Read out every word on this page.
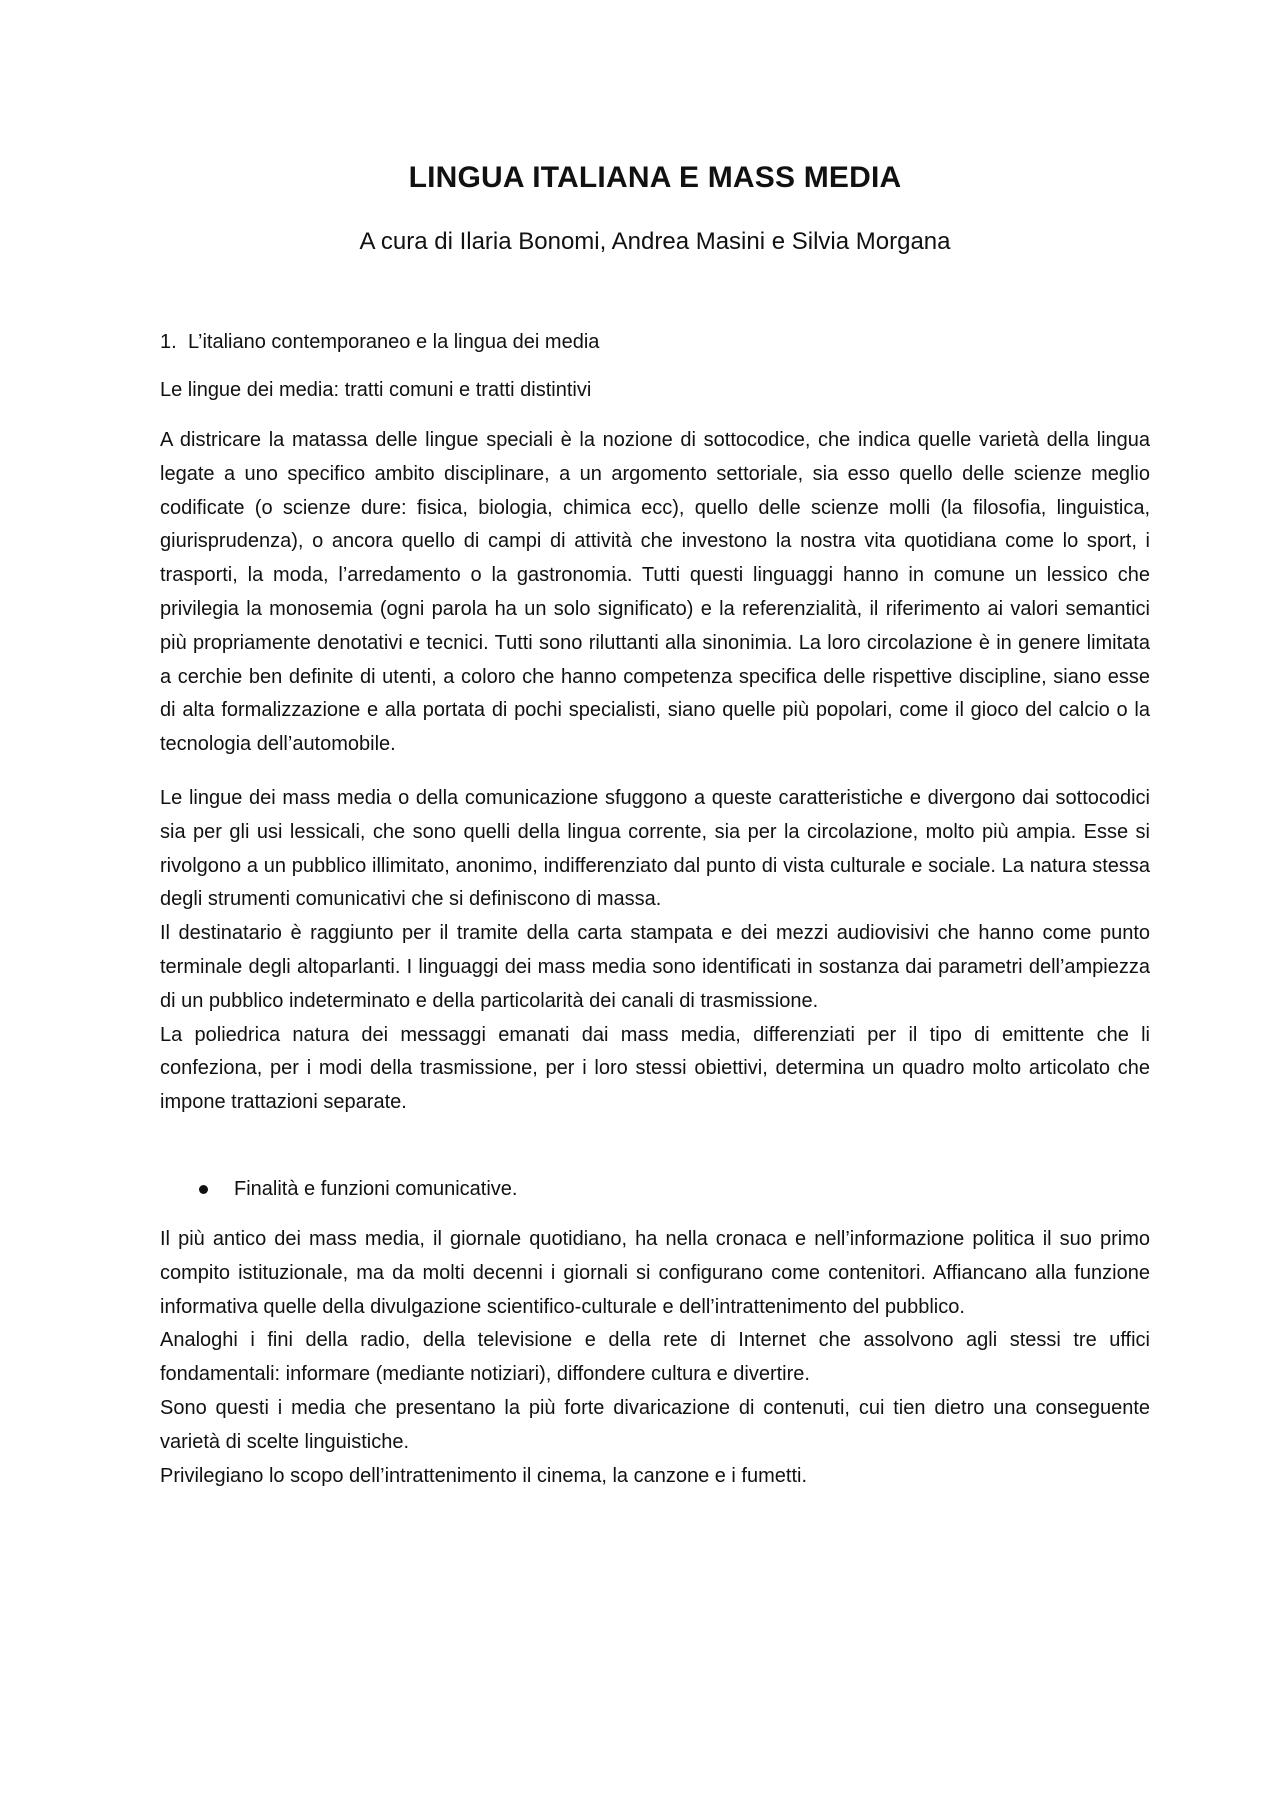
LINGUA ITALIANA E MASS MEDIA
A cura di Ilaria Bonomi, Andrea Masini e Silvia Morgana
1. L’italiano contemporaneo e la lingua dei media
Le lingue dei media: tratti comuni e tratti distintivi
A districare la matassa delle lingue speciali è la nozione di sottocodice, che indica quelle varietà della lingua legate a uno specifico ambito disciplinare, a un argomento settoriale, sia esso quello delle scienze meglio codificate (o scienze dure: fisica, biologia, chimica ecc), quello delle scienze molli (la filosofia, linguistica, giurisprudenza), o ancora quello di campi di attività che investono la nostra vita quotidiana come lo sport, i trasporti, la moda, l’arredamento o la gastronomia. Tutti questi linguaggi hanno in comune un lessico che privilegia la monosemia (ogni parola ha un solo significato) e la referenzialità, il riferimento ai valori semantici più propriamente denotativi e tecnici. Tutti sono riluttanti alla sinonimia. La loro circolazione è in genere limitata a cerchie ben definite di utenti, a coloro che hanno competenza specifica delle rispettive discipline, siano esse di alta formalizzazione e alla portata di pochi specialisti, siano quelle più popolari, come il gioco del calcio o la tecnologia dell’automobile.
Le lingue dei mass media o della comunicazione sfuggono a queste caratteristiche e divergono dai sottocodici sia per gli usi lessicali, che sono quelli della lingua corrente, sia per la circolazione, molto più ampia. Esse si rivolgono a un pubblico illimitato, anonimo, indifferenziato dal punto di vista culturale e sociale. La natura stessa degli strumenti comunicativi che si definiscono di massa.
Il destinatario è raggiunto per il tramite della carta stampata e dei mezzi audiovisivi che hanno come punto terminale degli altoparlanti. I linguaggi dei mass media sono identificati in sostanza dai parametri dell’ampiezza di un pubblico indeterminato e della particolarità dei canali di trasmissione.
La poliedrica natura dei messaggi emanati dai mass media, differenziati per il tipo di emittente che li confeziona, per i modi della trasmissione, per i loro stessi obiettivi, determina un quadro molto articolato che impone trattazioni separate.
Finalità e funzioni comunicative.
Il più antico dei mass media, il giornale quotidiano, ha nella cronaca e nell’informazione politica il suo primo compito istituzionale, ma da molti decenni i giornali si configurano come contenitori. Affiancano alla funzione informativa quelle della divulgazione scientifico-culturale e dell’intrattenimento del pubblico.
Analoghi i fini della radio, della televisione e della rete di Internet che assolvono agli stessi tre uffici fondamentali: informare (mediante notiziari), diffondere cultura e divertire.
Sono questi i media che presentano la più forte divaricazione di contenuti, cui tien dietro una conseguente varietà di scelte linguistiche.
Privilegiano lo scopo dell’intrattenimento il cinema, la canzone e i fumetti.
